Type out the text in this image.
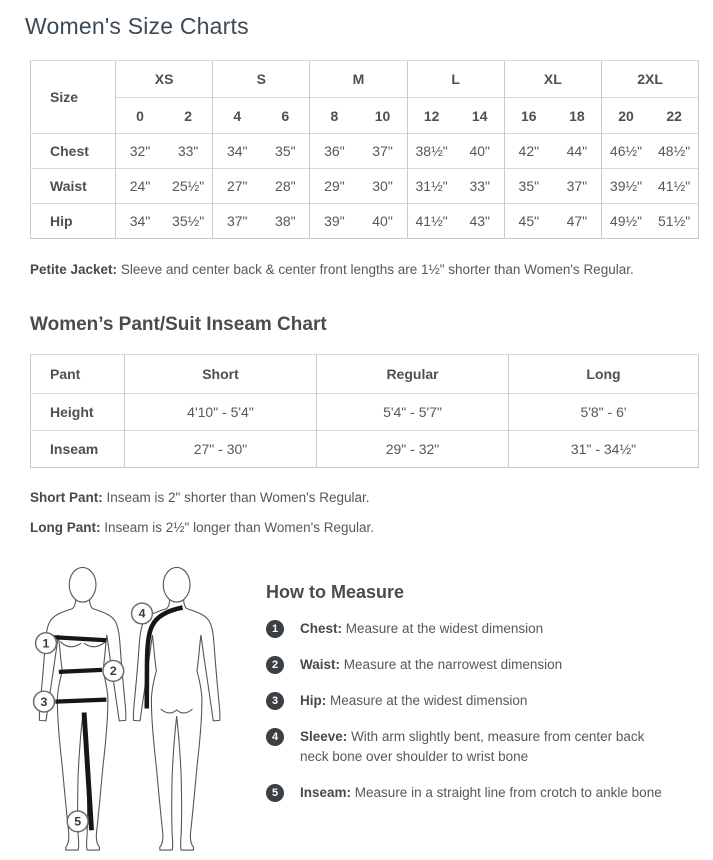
Women's Size Charts
Size	XS		S		M		L		XL		2XL	
	0	2	4	6	8	10	12	14	16	18	20	22
Chest	32"	33"	34"	35"	36"	37"	38½"	40"	42"	44"	46½"	48½"
Waist	24"	25½"	27"	28"	29"	30"	31½"	33"	35"	37"	39½"	41½"
Hip	34"	35½"	37"	38"	39"	40"	41½"	43"	45"	47"	49½"	51½"

Petite Jacket: Sleeve and center back & center front lengths are 1½" shorter than Women's Regular.

Women’s Pant/Suit Inseam Chart
Pant	Short	Regular	Long
Height	4'10" - 5'4"	5'4" - 5'7"	5'8" - 6'
Inseam	27" - 30"	29" - 32"	31" - 34½"

Short Pant: Inseam is 2" shorter than Women's Regular.

Long Pant: Inseam is 2½" longer than Women's Regular.

1
2
3
4
5
How to Measure
1	Chest: Measure at the widest dimension

2	Waist: Measure at the narrowest dimension

3	Hip: Measure at the widest dimension

4	Sleeve: With arm slightly bent, measure from center back
neck bone over shoulder to wrist bone

5	Inseam: Measure in a straight line from crotch to ankle bone
